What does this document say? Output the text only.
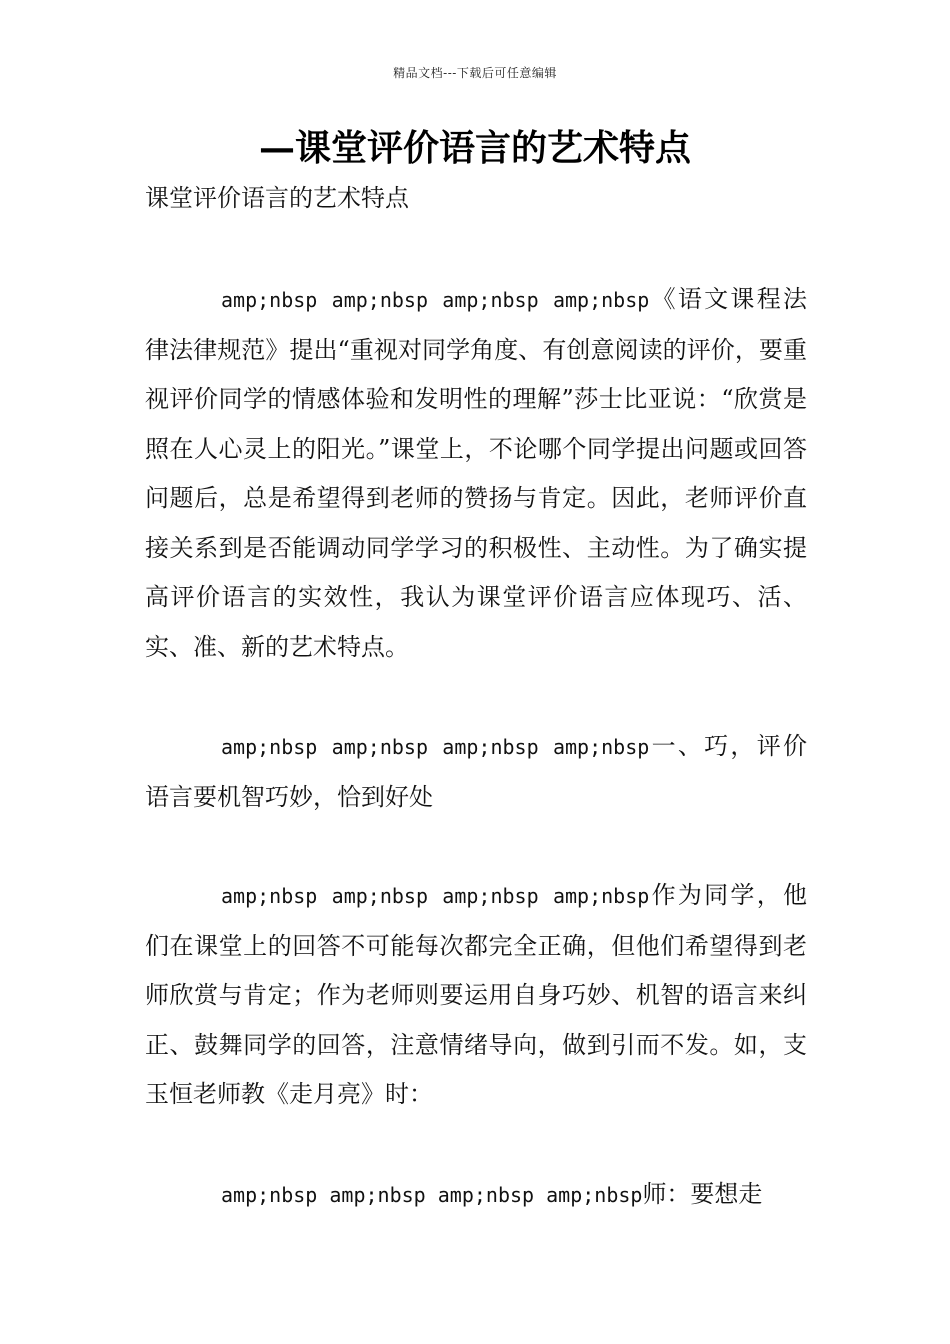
精品文档---下载后可任意编辑
—课堂评价语言的艺术特点

课堂评价语言的艺术特点

amp;nbsp amp;nbsp amp;nbsp amp;nbsp《语文课程法律法律规范》提出“重视对同学角度、有创意阅读的评价，要重视评价同学的情感体验和发明性的理解”莎士比亚说：“欣赏是照在人心灵上的阳光。”课堂上，不论哪个同学提出问题或回答问题后，总是希望得到老师的赞扬与肯定。因此，老师评价直接关系到是否能调动同学学习的积极性、主动性。为了确实提高评价语言的实效性，我认为课堂评价语言应体现巧、活、实、准、新的艺术特点。

amp;nbsp amp;nbsp amp;nbsp amp;nbsp一、巧，评价语言要机智巧妙，恰到好处

amp;nbsp amp;nbsp amp;nbsp amp;nbsp作为同学，他们在课堂上的回答不可能每次都完全正确，但他们希望得到老师欣赏与肯定；作为老师则要运用自身巧妙、机智的语言来纠正、鼓舞同学的回答，注意情绪导向，做到引而不发。如，支玉恒老师教《走月亮》时：

amp;nbsp amp;nbsp amp;nbsp amp;nbsp师：要想走
